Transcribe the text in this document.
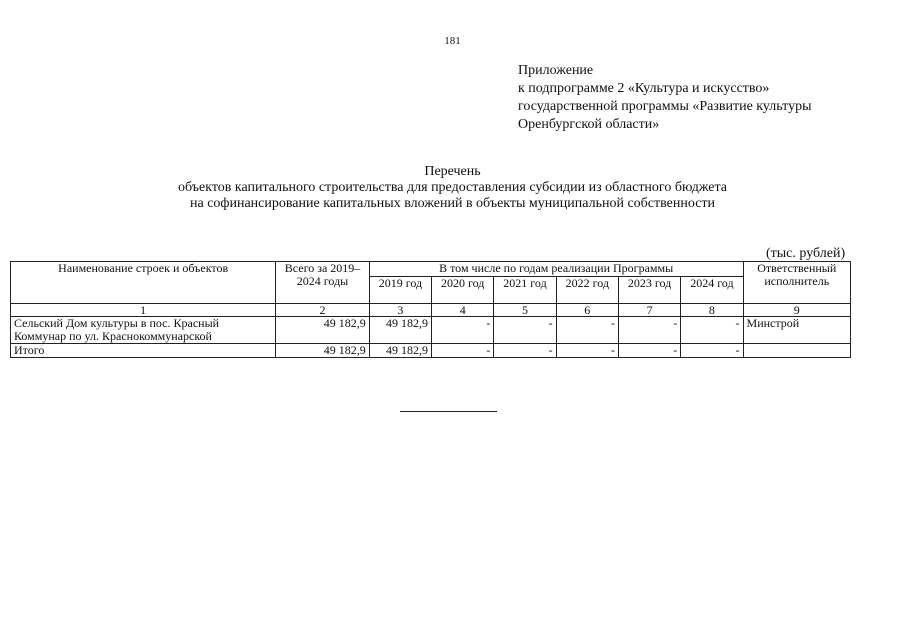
181
Приложение
к подпрограмме 2 «Культура и искусство»
государственной программы «Развитие культуры
Оренбургской области»
Перечень
объектов капитального строительства для предоставления субсидии из областного бюджета
на софинансирование капитальных вложений в объекты муниципальной собственности
(тыс. рублей)
Наименование строек и объектов	Всего за 2019–2024 годы	В том числе по годам реализации Программы						Ответственный исполнитель
		2019 год	2020 год	2021 год	2022 год	2023 год	2024 год	
1	2	3	4	5	6	7	8	9
Сельский Дом культуры в пос. Красный Коммунар по ул. Краснокоммунарской	49 182,9	49 182,9	-	-	-	-	-	Минстрой
Итого	49 182,9	49 182,9	-	-	-	-	-	
